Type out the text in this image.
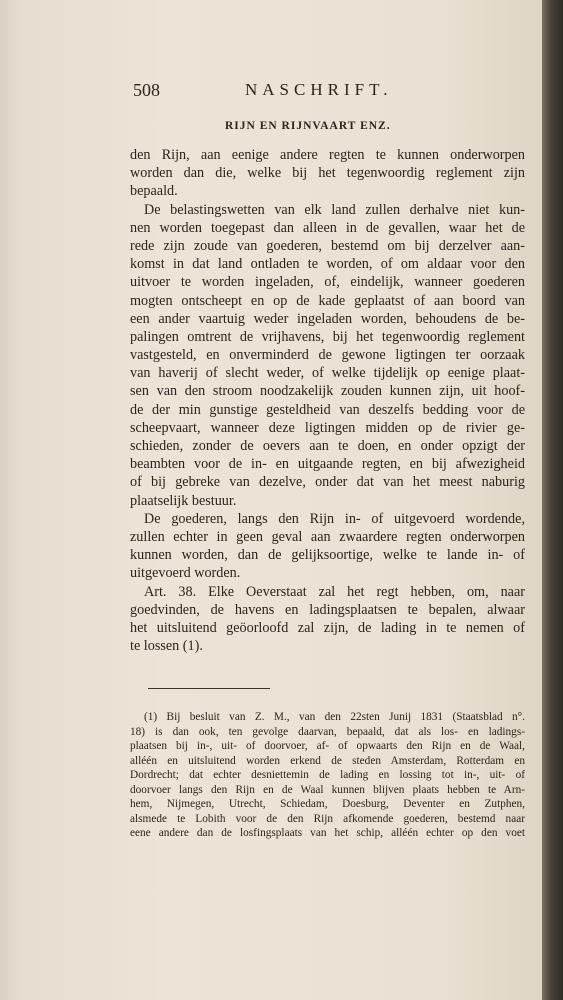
508	NASCHRIFT.
RIJN EN RIJNVAART ENZ.
den Rijn, aan eenige andere regten te kunnen onderworpen
worden dan die, welke bij het tegenwoordig reglement zijn
bepaald.
De belastingswetten van elk land zullen derhalve niet kun-
nen worden toegepast dan alleen in de gevallen, waar het de
rede zijn zoude van goederen, bestemd om bij derzelver aan-
komst in dat land ontladen te worden, of om aldaar voor den
uitvoer te worden ingeladen, of, eindelijk, wanneer goederen
mogten ontscheept en op de kade geplaatst of aan boord van
een ander vaartuig weder ingeladen worden, behoudens de be-
palingen omtrent de vrijhavens, bij het tegenwoordig reglement
vastgesteld, en onverminderd de gewone ligtingen ter oorzaak
van haverij of slecht weder, of welke tijdelijk op eenige plaat-
sen van den stroom noodzakelijk zouden kunnen zijn, uit hoof-
de der min gunstige gesteldheid van deszelfs bedding voor de
scheepvaart, wanneer deze ligtingen midden op de rivier ge-
schieden, zonder de oevers aan te doen, en onder opzigt der
beambten voor de in- en uitgaande regten, en bij afwezigheid
of bij gebreke van dezelve, onder dat van het meest naburig
plaatselijk bestuur.
De goederen, langs den Rijn in- of uitgevoerd wordende,
zullen echter in geen geval aan zwaardere regten onderworpen
kunnen worden, dan de gelijksoortige, welke te lande in- of
uitgevoerd worden.
Art. 38. Elke Oeverstaat zal het regt hebben, om, naar
goedvinden, de havens en ladingsplaatsen te bepalen, alwaar
het uitsluitend geöorloofd zal zijn, de lading in te nemen of
te lossen (1).
(1) Bij besluit van Z. M., van den 22sten Junij 1831 (Staatsblad n°.
18) is dan ook, ten gevolge daarvan, bepaald, dat als los- en ladings-
plaatsen bij in-, uit- of doorvoer, af- of opwaarts den Rijn en de Waal,
alléén en uitsluitend worden erkend de steden Amsterdam, Rotterdam en
Dordrecht; dat echter desniettemin de lading en lossing tot in-, uit- of
doorvoer langs den Rijn en de Waal kunnen blijven plaats hebben te Arn-
hem, Nijmegen, Utrecht, Schiedam, Doesburg, Deventer en Zutphen,
alsmede te Lobith voor de den Rijn afkomende goederen, bestemd naar
eene andere dan de losfingsplaats van het schip, alléén echter op den voet
